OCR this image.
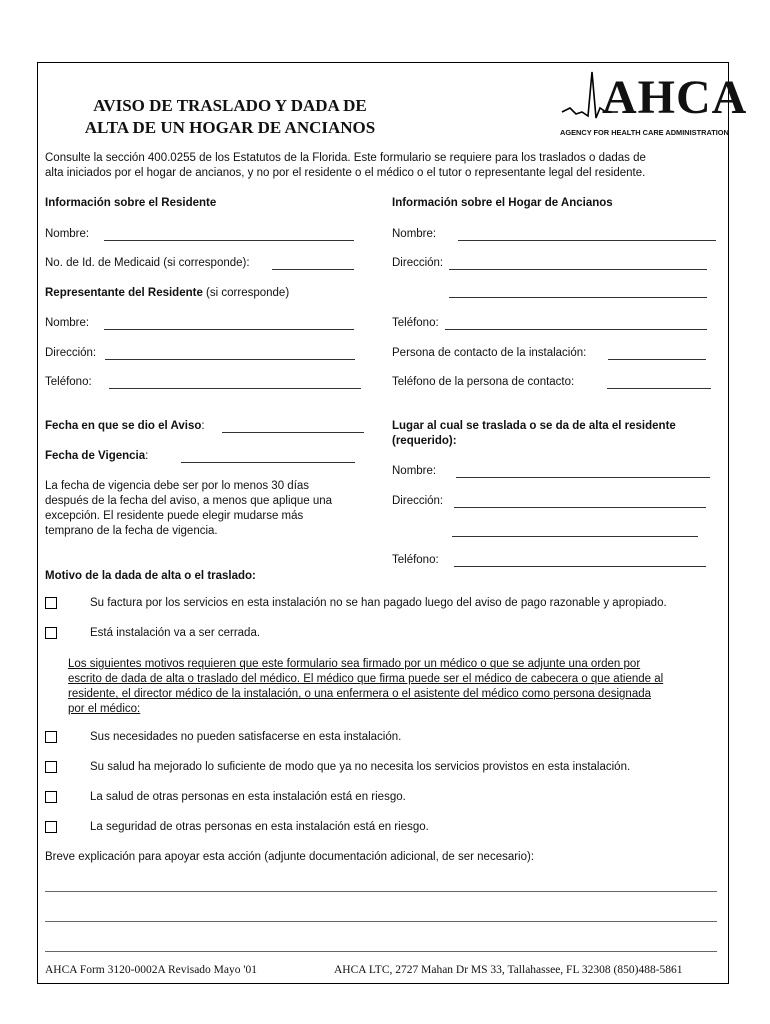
AVISO DE TRASLADO Y DADA DE
ALTA DE UN HOGAR DE ANCIANOS
AHCA
AGENCY FOR HEALTH CARE ADMINISTRATION
Consulte la sección 400.0255 de los Estatutos de la Florida. Este formulario se requiere para los traslados o dadas de
alta iniciados por el hogar de ancianos, y no por el residente o el médico o el tutor o representante legal del residente.
Información sobre el Residente
Nombre:
No. de Id. de Medicaid (si corresponde):
Representante del Residente (si corresponde)
Nombre:
Dirección:
Teléfono:
Información sobre el Hogar de Ancianos
Nombre:
Dirección:
Teléfono:
Persona de contacto de la instalación:
Teléfono de la persona de contacto:
Fecha en que se dio el Aviso:
Fecha de Vigencia:
La fecha de vigencia debe ser por lo menos 30 días
después de la fecha del aviso, a menos que aplique una
excepción. El residente puede elegir mudarse más
temprano de la fecha de vigencia.
Lugar al cual se traslada o se da de alta el residente
(requerido):
Nombre:
Dirección:
Teléfono:
Motivo de la dada de alta o el traslado:
Su factura por los servicios en esta instalación no se han pagado luego del aviso de pago razonable y apropiado.
Está instalación va a ser cerrada.
Los siguientes motivos requieren que este formulario sea firmado por un médico o que se adjunte una orden por
escrito de dada de alta o traslado del médico. El médico que firma puede ser el médico de cabecera o que atiende al
residente, el director médico de la instalación, o una enfermera o el asistente del médico como persona designada
por el médico:
Sus necesidades no pueden satisfacerse en esta instalación.
Su salud ha mejorado lo suficiente de modo que ya no necesita los servicios provistos en esta instalación.
La salud de otras personas en esta instalación está en riesgo.
La seguridad de otras personas en esta instalación está en riesgo.
Breve explicación para apoyar esta acción (adjunte documentación adicional, de ser necesario):
AHCA Form 3120-0002A Revisado Mayo '01	AHCA LTC, 2727 Mahan Dr MS 33, Tallahassee, FL 32308 (850)488-5861
